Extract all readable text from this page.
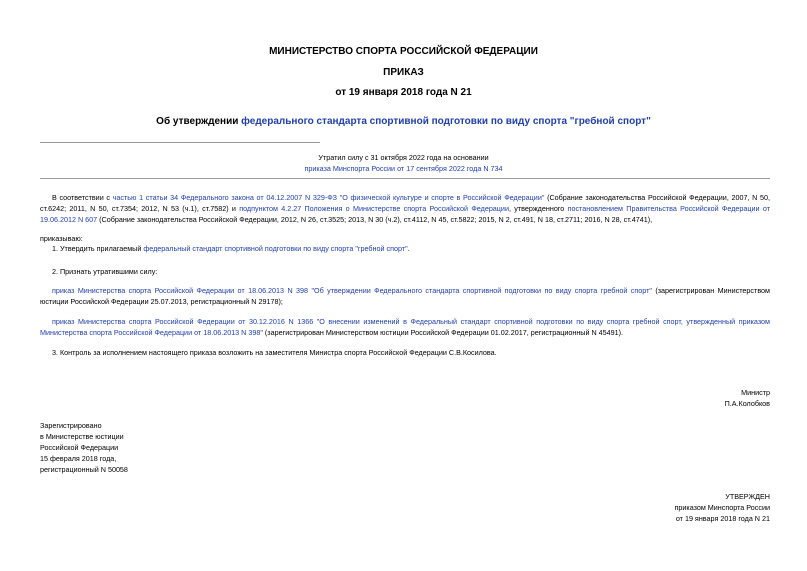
МИНИСТЕРСТВО СПОРТА РОССИЙСКОЙ ФЕДЕРАЦИИ
ПРИКАЗ
от 19 января 2018 года N 21
Об утверждении федерального стандарта спортивной подготовки по виду спорта "гребной спорт"
Утратил силу с 31 октября 2022 года на основании
приказа Минспорта России от 17 сентября 2022 года N 734
В соответствии с частью 1 статьи 34 Федерального закона от 04.12.2007 N 329-ФЗ "О физической культуре и спорте в Российской Федерации" (Собрание законодательства Российской Федерации, 2007, N 50, ст.6242; 2011, N 50, ст.7354; 2012, N 53 (ч.1), ст.7582) и подпунктом 4.2.27 Положения о Министерстве спорта Российской Федерации, утвержденного постановлением Правительства Российской Федерации от 19.06.2012 N 607 (Собрание законодательства Российской Федерации, 2012, N 26, ст.3525; 2013, N 30 (ч.2), ст.4112, N 45, ст.5822; 2015, N 2, ст.491, N 18, ст.2711; 2016, N 28, ст.4741),
приказываю:
1. Утвердить прилагаемый федеральный стандарт спортивной подготовки по виду спорта "гребной спорт".
2. Признать утратившими силу:
приказ Министерства спорта Российской Федерации от 18.06.2013 N 398 "Об утверждении Федерального стандарта спортивной подготовки по виду спорта гребной спорт" (зарегистрирован Министерством юстиции Российской Федерации 25.07.2013, регистрационный N 29178);
приказ Министерства спорта Российской Федерации от 30.12.2016 N 1366 "О внесении изменений в Федеральный стандарт спортивной подготовки по виду спорта гребной спорт, утвержденный приказом Министерства спорта Российской Федерации от 18.06.2013 N 398" (зарегистрирован Министерством юстиции Российской Федерации 01.02.2017, регистрационный N 45491).
3. Контроль за исполнением настоящего приказа возложить на заместителя Министра спорта Российской Федерации С.В.Косилова.
Министр
П.А.Колобков
Зарегистрировано
в Министерстве юстиции
Российской Федерации
15 февраля 2018 года,
регистрационный N 50058
УТВЕРЖДЕН
приказом Минспорта России
от 19 января 2018 года N 21
